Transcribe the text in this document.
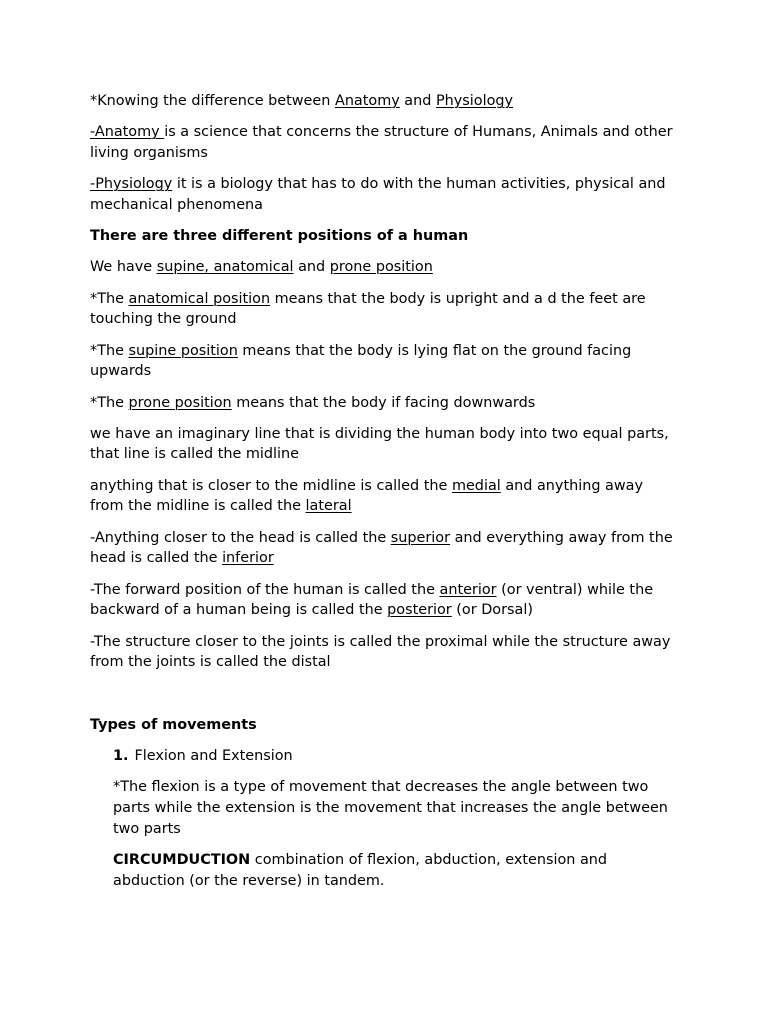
*Knowing the difference between Anatomy and Physiology

-Anatomy is a science that concerns the structure of Humans, Animals and other living organisms

-Physiology it is a biology that has to do with the human activities, physical and mechanical phenomena

There are three different positions of a human

We have supine, anatomical and prone position

*The anatomical position means that the body is upright and a d the feet are touching the ground

*The supine position means that the body is lying flat on the ground facing upwards

*The prone position means that the body if facing downwards

we have an imaginary line that is dividing the human body into two equal parts, that line is called the midline

anything that is closer to the midline is called the medial and anything away from the midline is called the lateral

-Anything closer to the head is called the superior and everything away from the head is called the inferior

-The forward position of the human is called the anterior (or ventral) while the backward of a human being is called the posterior (or Dorsal)

-The structure closer to the joints is called the proximal while the structure away from the joints is called the distal

Types of movements

1. Flexion and Extension

*The flexion is a type of movement that decreases the angle between two parts while the extension is the movement that increases the angle between two parts

CIRCUMDUCTION combination of flexion, abduction, extension and abduction (or the reverse) in tandem.
